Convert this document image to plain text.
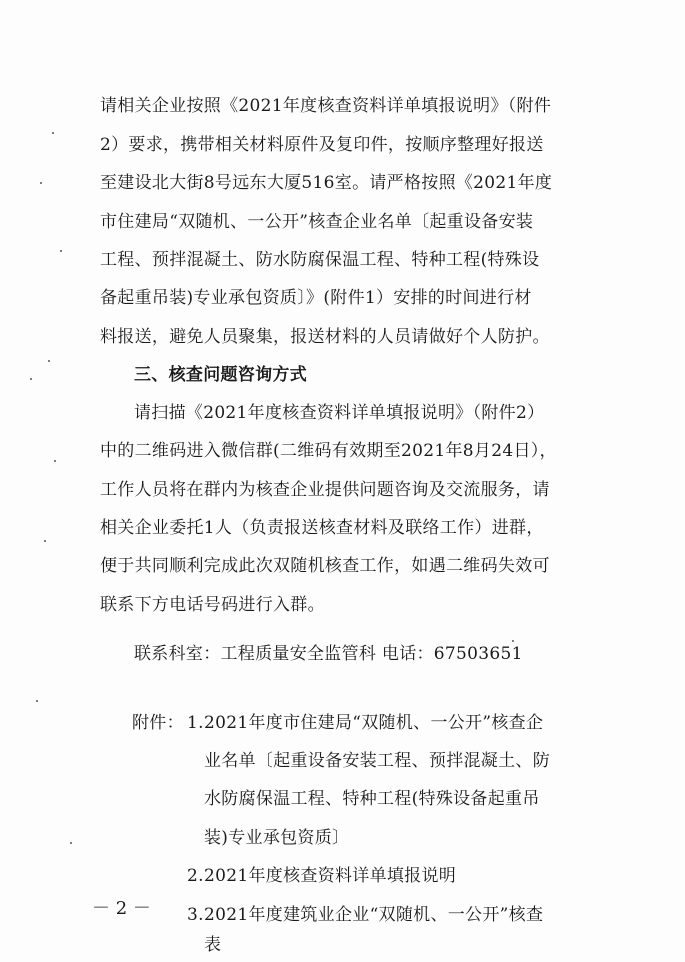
请相关企业按照《2021年度核查资料详单填报说明》（附件
2）要求，携带相关材料原件及复印件，按顺序整理好报送
至建设北大街8号远东大厦516室。请严格按照《2021年度
市住建局“双随机、一公开”核查企业名单〔起重设备安装
工程、预拌混凝土、防水防腐保温工程、特种工程(特殊设
备起重吊装)专业承包资质〕》(附件1）安排的时间进行材
料报送，避免人员聚集，报送材料的人员请做好个人防护。
三、核查问题咨询方式
请扫描《2021年度核查资料详单填报说明》（附件2）
中的二维码进入微信群(二维码有效期至2021年8月24日），
工作人员将在群内为核查企业提供问题咨询及交流服务，请
相关企业委托1人（负责报送核查材料及联络工作）进群，
便于共同顺利完成此次双随机核查工作，如遇二维码失效可
联系下方电话号码进行入群。
联系科室：工程质量安全监管科 电话：67503651
附件： 1. 2021年度市住建局“双随机、一公开”核查企
业名单〔起重设备安装工程、预拌混凝土、防
水防腐保温工程、特种工程(特殊设备起重吊
装)专业承包资质〕
2. 2021年度核查资料详单填报说明
3. 2021年度建筑业企业“双随机、一公开”核查
表
－ 2 －
